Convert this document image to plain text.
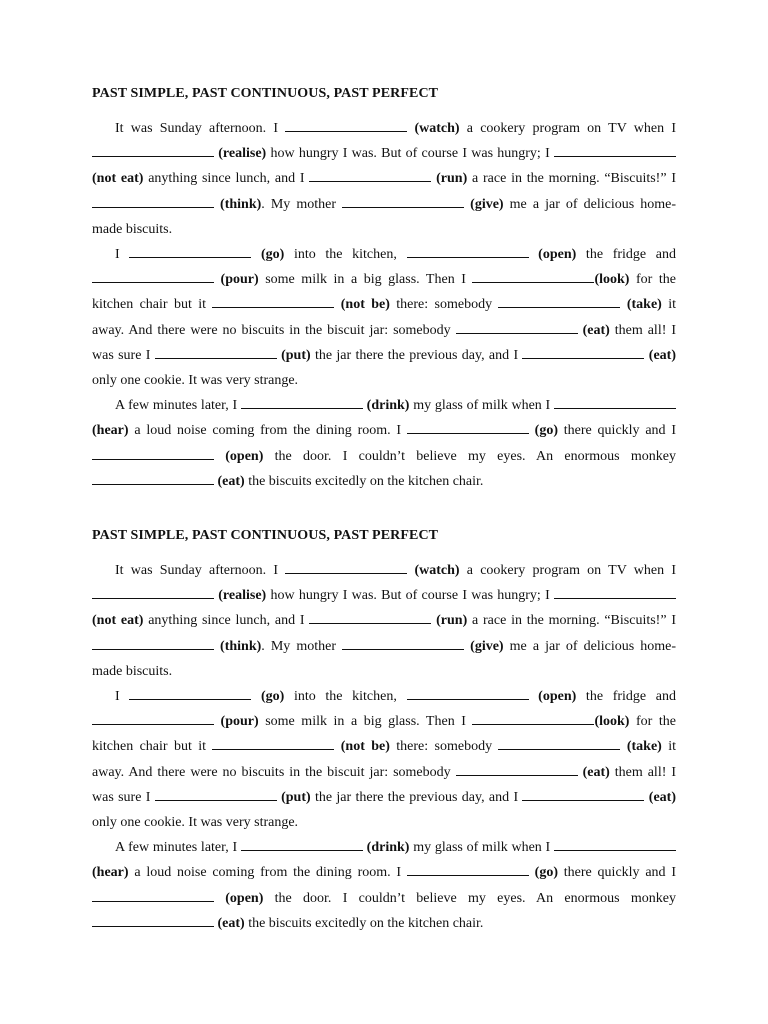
PAST SIMPLE, PAST CONTINUOUS, PAST PERFECT

It was Sunday afternoon. I	(watch) a cookery program on TV when I  (realise) how hungry I was. But of course I was hungry; I  (not eat) anything since lunch, and I	(run) a race in the morning. “Biscuits!” I  (think). My mother	(give) me a jar of delicious home-made biscuits.

I	(go) into the kitchen,	(open) the fridge and  (pour) some milk in a big glass. Then I	(look) for the kitchen chair but it	(not be) there: somebody	(take) it away. And there were no biscuits in the biscuit jar: somebody	(eat) them all! I was sure I	(put) the jar there the previous day, and I	(eat) only one cookie. It was very strange.

A few minutes later, I	(drink) my glass of milk when I  (hear) a loud noise coming from the dining room. I	(go) there quickly and I  (open) the door. I couldn’t believe my eyes. An enormous monkey  (eat) the biscuits excitedly on the kitchen chair.

PAST SIMPLE, PAST CONTINUOUS, PAST PERFECT

It was Sunday afternoon. I	(watch) a cookery program on TV when I  (realise) how hungry I was. But of course I was hungry; I  (not eat) anything since lunch, and I	(run) a race in the morning. “Biscuits!” I  (think). My mother	(give) me a jar of delicious home-made biscuits.

I	(go) into the kitchen,	(open) the fridge and  (pour) some milk in a big glass. Then I	(look) for the kitchen chair but it	(not be) there: somebody	(take) it away. And there were no biscuits in the biscuit jar: somebody	(eat) them all! I was sure I	(put) the jar there the previous day, and I	(eat) only one cookie. It was very strange.

A few minutes later, I	(drink) my glass of milk when I  (hear) a loud noise coming from the dining room. I	(go) there quickly and I  (open) the door. I couldn’t believe my eyes. An enormous monkey  (eat) the biscuits excitedly on the kitchen chair.
